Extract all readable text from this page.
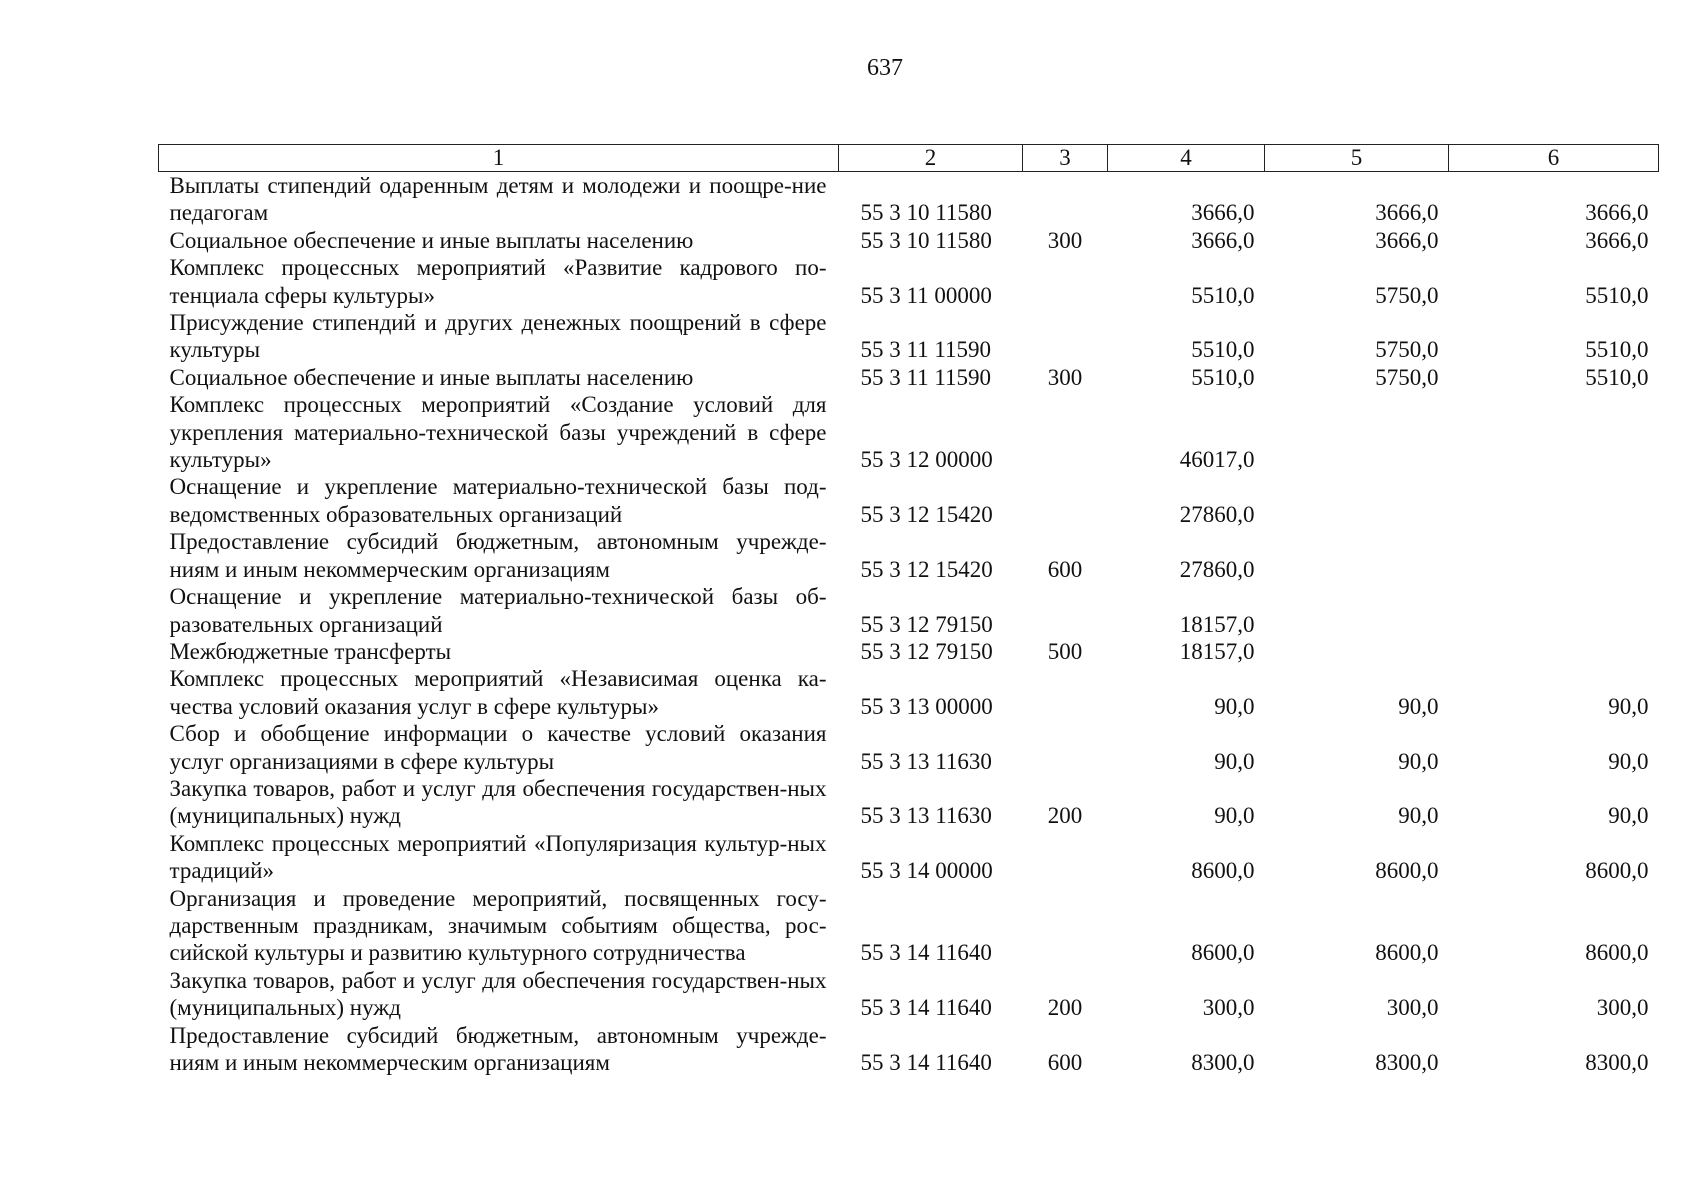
637
1	2	3	4	5	6
Выплаты стипендий одаренным детям и молодежи и поощре-​ние педагогам	55 3 10 11580		3666,0	3666,0	3666,0
Социальное обеспечение и иные выплаты населению	55 3 10 11580	300	3666,0	3666,0	3666,0
Комплекс процессных мероприятий «Развитие кадрового по-​тенциала сферы культуры»	55 3 11 00000		5510,0	5750,0	5510,0
Присуждение стипендий и других денежных поощрений в сфере культуры	55 3 11 11590		5510,0	5750,0	5510,0
Социальное обеспечение и иные выплаты населению	55 3 11 11590	300	5510,0	5750,0	5510,0
Комплекс процессных мероприятий «Создание условий для укрепления материально-технической базы учреждений в сфере культуры»	55 3 12 00000		46017,0		
Оснащение и укрепление материально-технической базы под-​ведомственных образовательных организаций	55 3 12 15420		27860,0		
Предоставление субсидий бюджетным, автономным учрежде-​ниям и иным некоммерческим организациям	55 3 12 15420	600	27860,0		
Оснащение и укрепление материально-технической базы об-​разовательных организаций	55 3 12 79150		18157,0		
Межбюджетные трансферты	55 3 12 79150	500	18157,0		
Комплекс процессных мероприятий «Независимая оценка ка-​чества условий оказания услуг в сфере культуры»	55 3 13 00000		90,0	90,0	90,0
Сбор и обобщение информации о качестве условий оказания услуг организациями в сфере культуры	55 3 13 11630		90,0	90,0	90,0
Закупка товаров, работ и услуг для обеспечения государствен-​ных (муниципальных) нужд	55 3 13 11630	200	90,0	90,0	90,0
Комплекс процессных мероприятий «Популяризация культур-​ных традиций»	55 3 14 00000		8600,0	8600,0	8600,0
Организация и проведение мероприятий, посвященных госу-​дарственным праздникам, значимым событиям общества, рос-​сийской культуры и развитию культурного сотрудничества	55 3 14 11640		8600,0	8600,0	8600,0
Закупка товаров, работ и услуг для обеспечения государствен-​ных (муниципальных) нужд	55 3 14 11640	200	300,0	300,0	300,0
Предоставление субсидий бюджетным, автономным учрежде-​ниям и иным некоммерческим организациям	55 3 14 11640	600	8300,0	8300,0	8300,0
